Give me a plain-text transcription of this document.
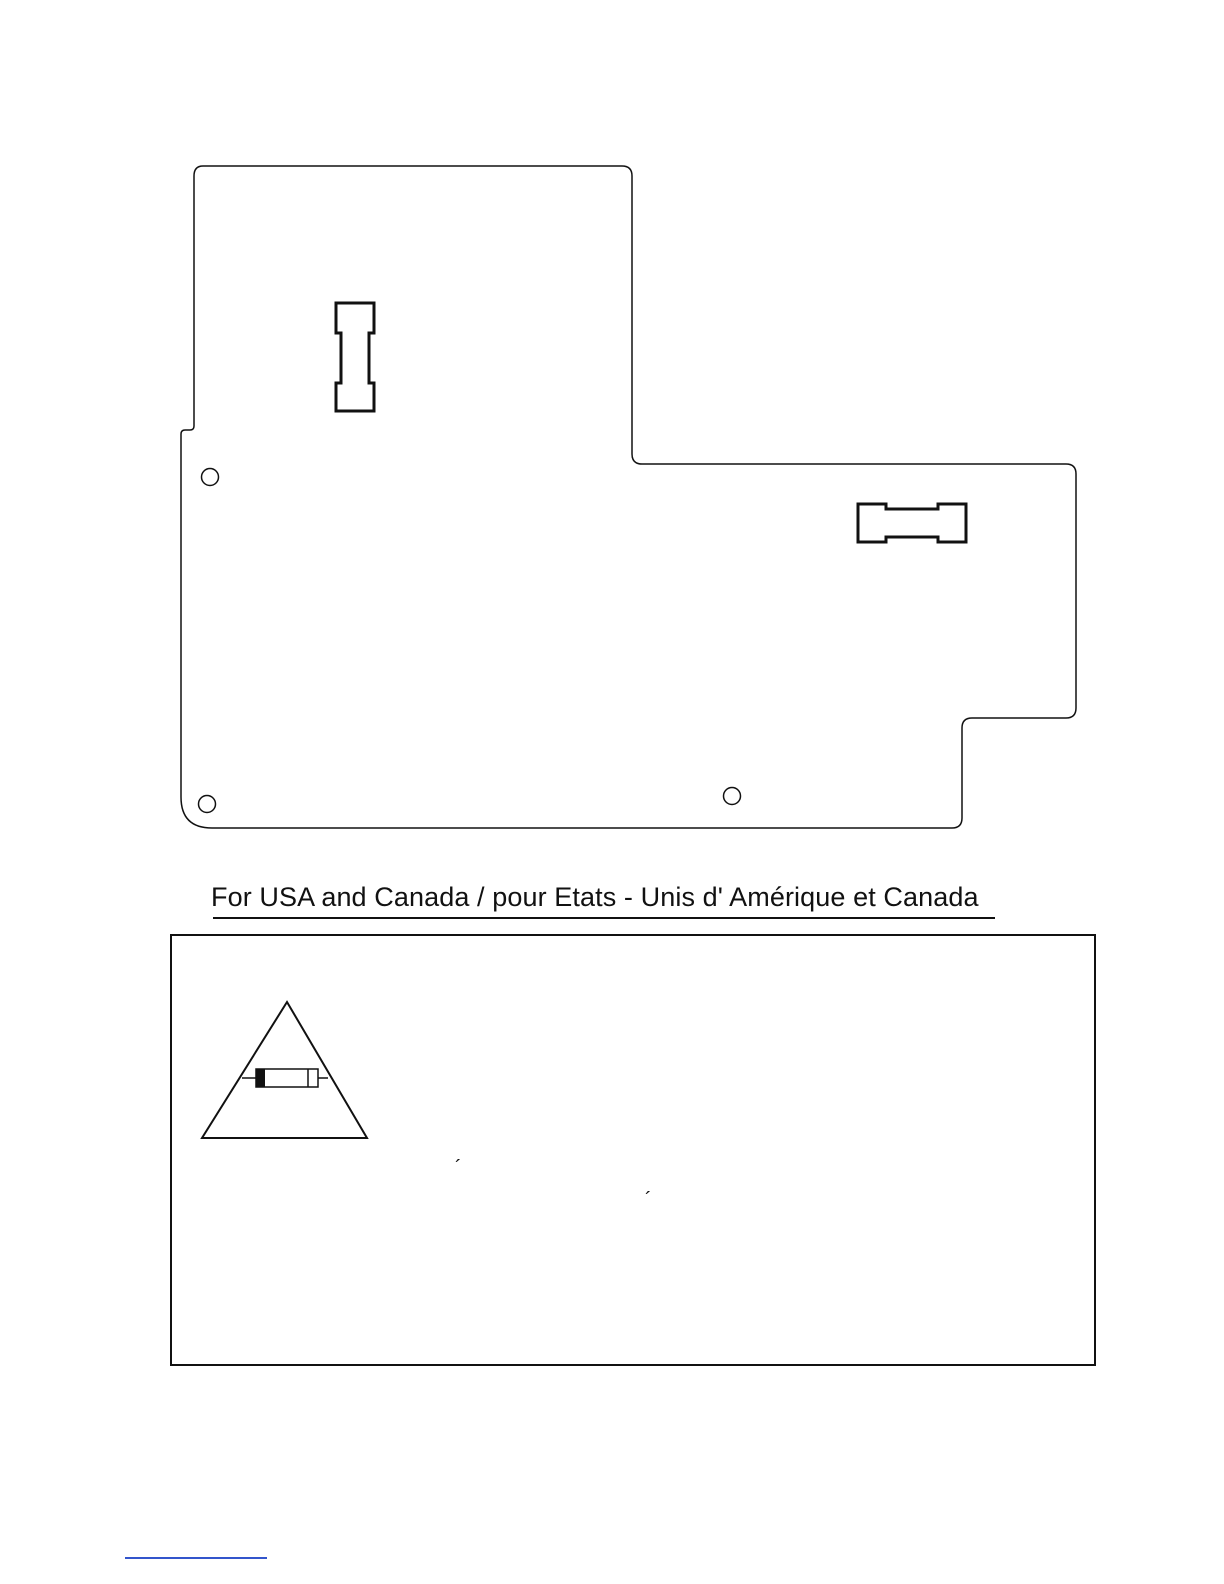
For USA and Canada / pour Etats - Unis d' Amérique et Canada
´
´
